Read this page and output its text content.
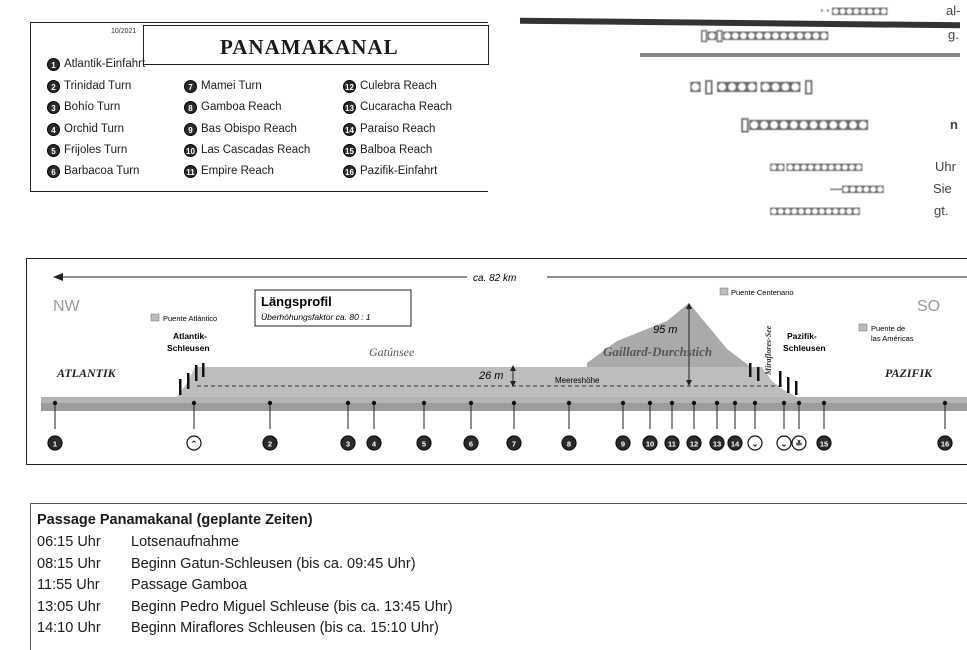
10/2021
PANAMAKANAL
1 Atlantik-Einfahrt
2 Trinidad Turn
3 Bohío Turn
4 Orchid Turn
5 Frijoles Turn
6 Barbacoa Turn
7 Mamei Turn
8 Gamboa Reach
9 Bas Obispo Reach
10 Las Cascadas Reach
11 Empire Reach
12 Culebra Reach
13 Cucaracha Reach
14 Paraiso Reach
15 Balboa Reach
16 Pazifik-Einfahrt
· · ◘◘◘◘◘◘◘◘	al-
▯◘▯◘◘◘◘◘◘◘◘◘◘◘◘◘	g.
◘ ▯ ◘◘◘◘ ◘◘◘◘ ▯
▯◘◘◘◘◘◘◘◘◘◘◘◘	n
◘◘ ◘◘◘◘◘◘◘◘◘◘◘	Uhr
—◘◘◘◘◘◘	Sie
◘◘◘◘◘◘◘◘◘◘◘◘◘	gt.
ca. 82 km
NW	SO
Längsprofil
Überhöhungsfaktor ca. 80 : 1
Meereshöhe
26 m
95 m
ATLANTIK	PAZIFIK
Gatúnsee	Gaillard-Durchstich	Miraflores-See
Puente Atlántico
Puente Centenario
Puente de
las Américas
Atlantik-
Schleusen
Pazifik-
Schleusen
1	⌃	2	3	4	5	6	7	8	9	10 11 12 13 14 ⌄	⌄ ≚ 15	16
Passage Panamakanal (geplante Zeiten)
06:15 Uhr Lotsenaufnahme
08:15 Uhr Beginn Gatun-Schleusen (bis ca. 09:45 Uhr)
11:55 Uhr Passage Gamboa
13:05 Uhr Beginn Pedro Miguel Schleuse (bis ca. 13:45 Uhr)
14:10 Uhr Beginn Miraflores Schleusen (bis ca. 15:10 Uhr)
